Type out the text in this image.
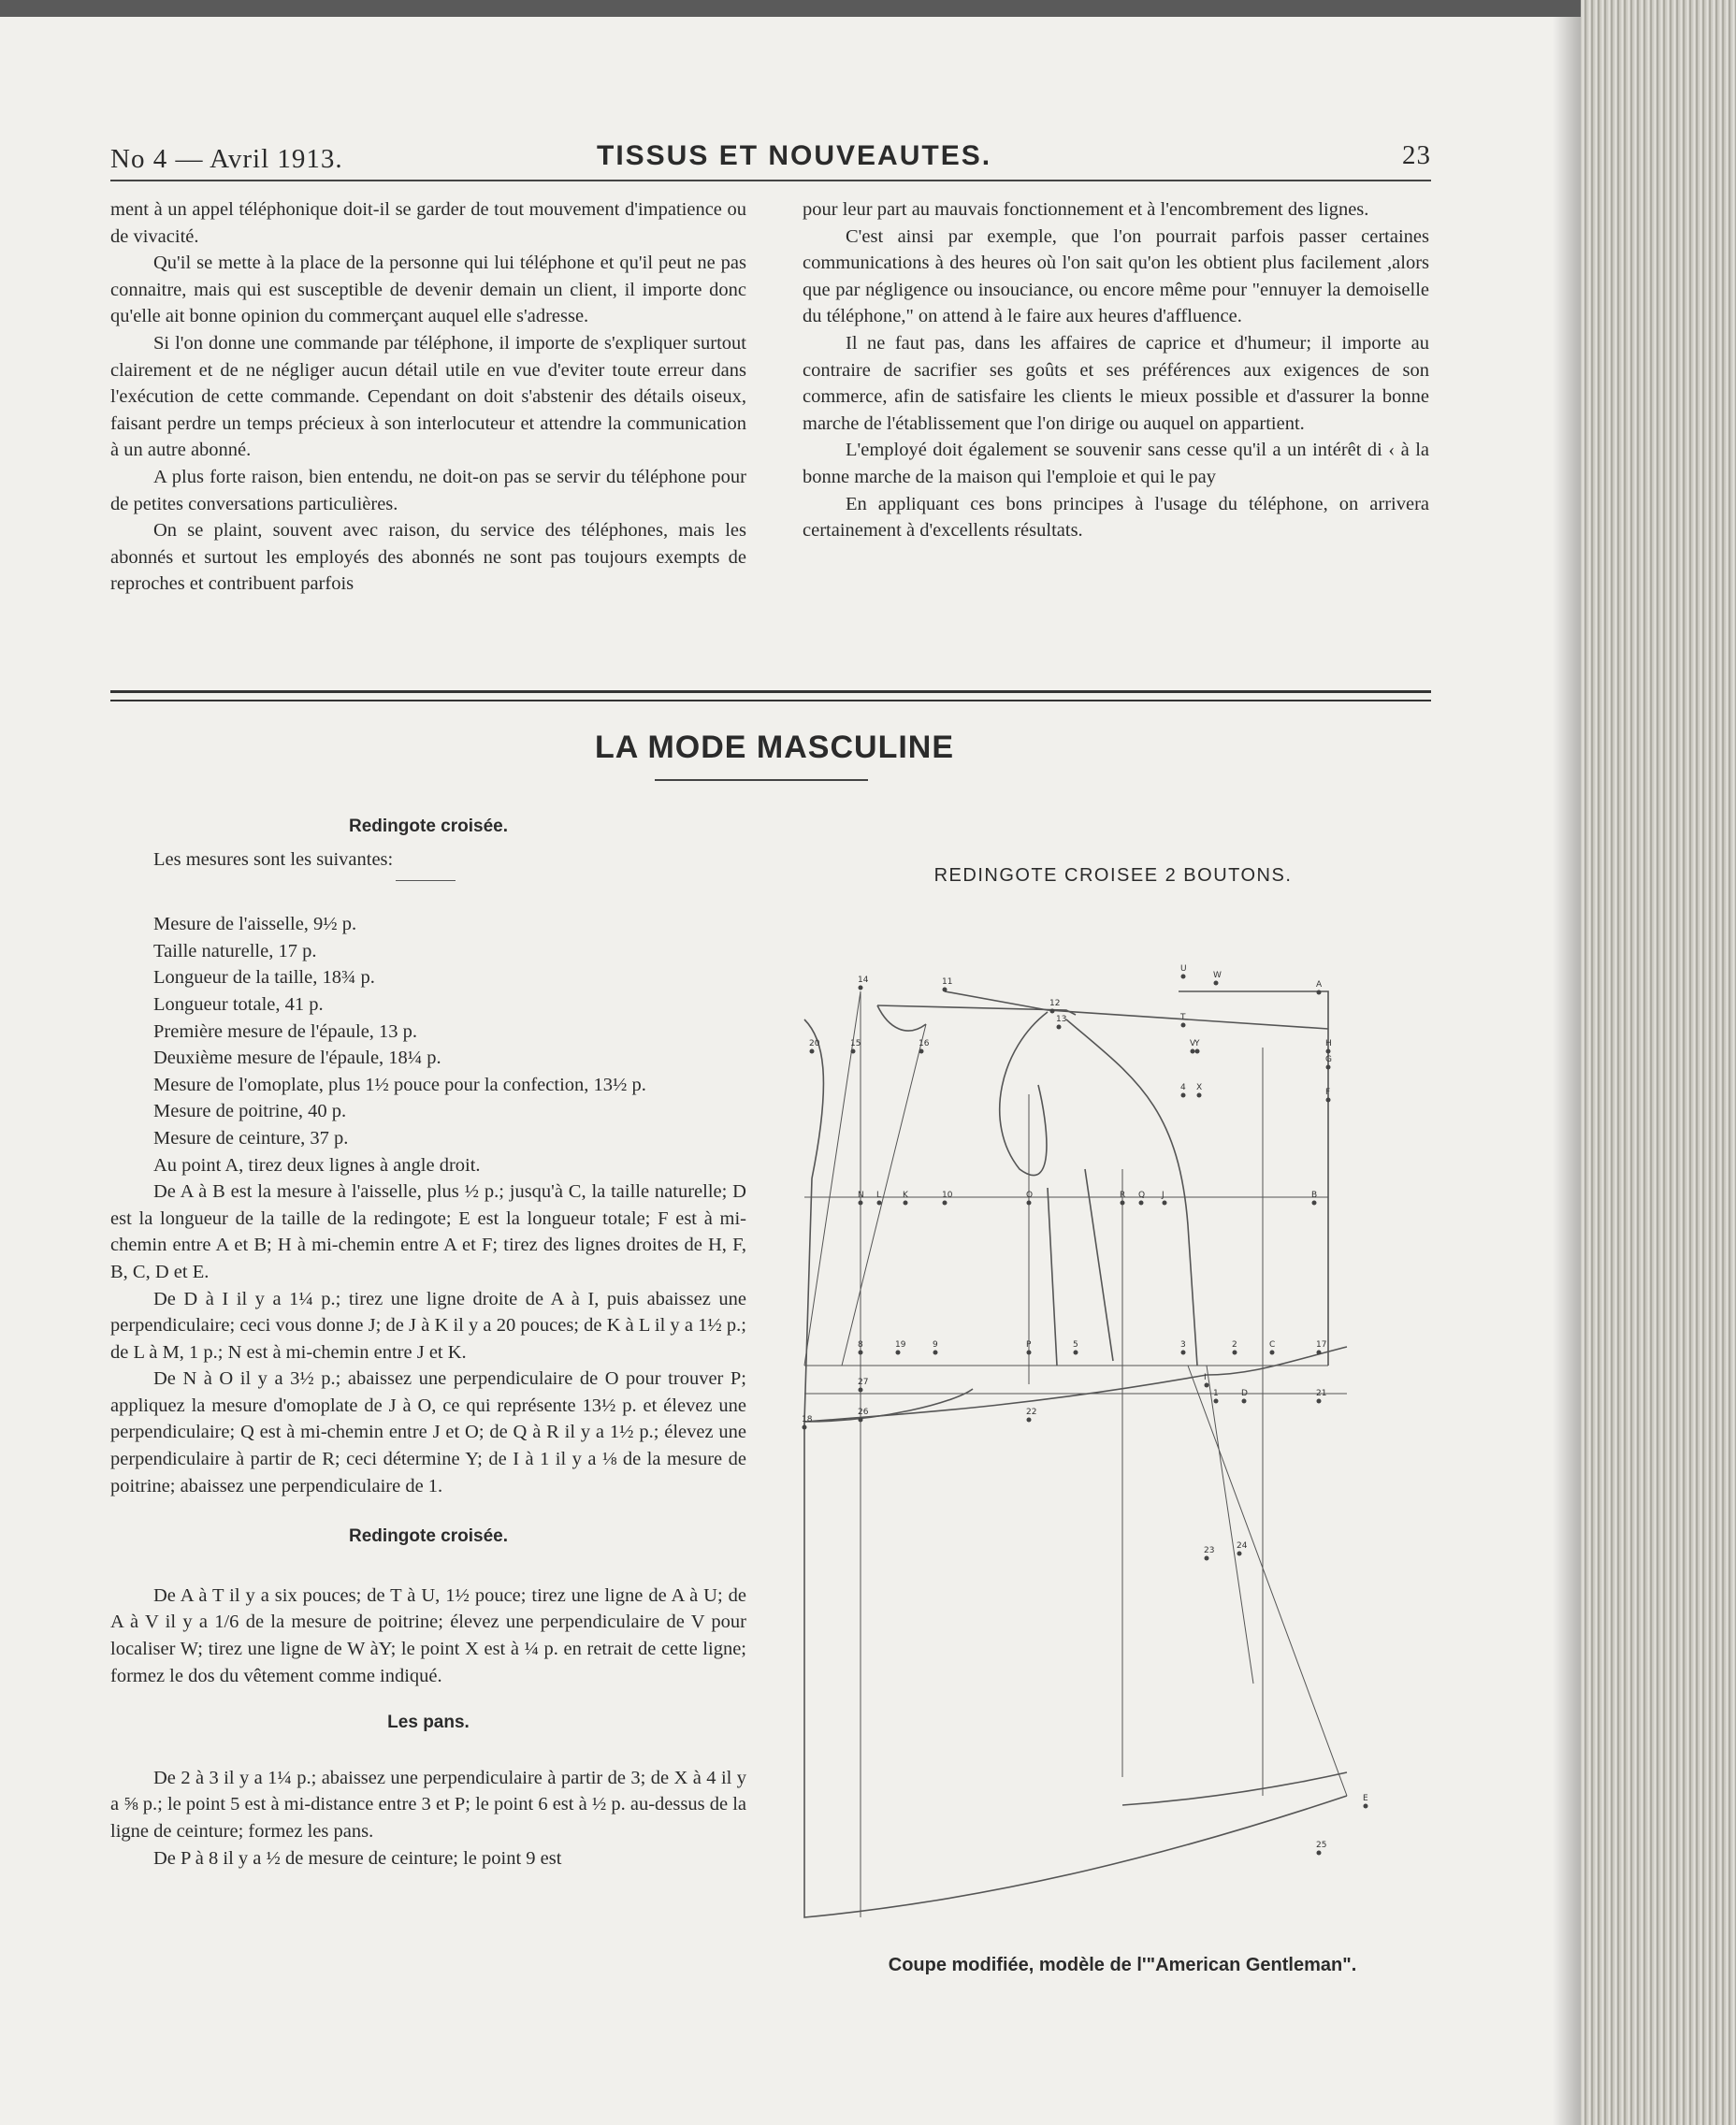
No 4 — Avril 1913.	TISSUS ET NOUVEAUTES.	23

ment à un appel téléphonique doit-il se garder de tout mouvement d'impatience ou de vivacité.

Qu'il se mette à la place de la personne qui lui téléphone et qu'il peut ne pas connaitre, mais qui est susceptible de devenir demain un client, il importe donc qu'elle ait bonne opinion du commerçant auquel elle s'adresse.

Si l'on donne une commande par téléphone, il importe de s'expliquer surtout clairement et de ne négliger aucun détail utile en vue d'eviter toute erreur dans l'exécution de cette commande. Cependant on doit s'abstenir des détails oiseux, faisant perdre un temps précieux à son interlocuteur et attendre la communication à un autre abonné.

A plus forte raison, bien entendu, ne doit-on pas se servir du téléphone pour de petites conversations particulières.

On se plaint, souvent avec raison, du service des téléphones, mais les abonnés et surtout les employés des abonnés ne sont pas toujours exempts de reproches et contribuent parfois

pour leur part au mauvais fonctionnement et à l'encombrement des lignes.

C'est ainsi par exemple, que l'on pourrait parfois passer certaines communications à des heures où l'on sait qu'on les obtient plus facilement ,alors que par négligence ou insouciance, ou encore même pour "ennuyer la demoiselle du téléphone," on attend à le faire aux heures d'affluence.

Il ne faut pas, dans les affaires de caprice et d'humeur; il importe au contraire de sacrifier ses goûts et ses préférences aux exigences de son commerce, afin de satisfaire les clients le mieux possible et d'assurer la bonne marche de l'établissement que l'on dirige ou auquel on appartient.

L'employé doit également se souvenir sans cesse qu'il a un intérêt di ‹ à la bonne marche de la maison qui l'emploie et qui le pay

En appliquant ces bons principes à l'usage du téléphone, on arrivera certainement à d'excellents résultats.

LA MODE MASCULINE
Redingote croisée.

Les mesures sont les suivantes:

Mesure de l'aisselle, 9½ p.

Taille naturelle, 17 p.

Longueur de la taille, 18¾ p.

Longueur totale, 41 p.

Première mesure de l'épaule, 13 p.

Deuxième mesure de l'épaule, 18¼ p.

Mesure de l'omoplate, plus 1½ pouce pour la confection, 13½ p.

Mesure de poitrine, 40 p.

Mesure de ceinture, 37 p.

Au point A, tirez deux lignes à angle droit.

De A à B est la mesure à l'aisselle, plus ½ p.; jusqu'à C, la taille naturelle; D est la longueur de la taille de la redingote; E est la longueur totale; F est à mi-chemin entre A et B; H à mi-chemin entre A et F; tirez des lignes droites de H, F, B, C, D et E.

De D à I il y a 1¼ p.; tirez une ligne droite de A à I, puis abaissez une perpendiculaire; ceci vous donne J; de J à K il y a 20 pouces; de K à L il y a 1½ p.; de L à M, 1 p.; N est à mi-chemin entre J et K.

De N à O il y a 3½ p.; abaissez une perpendiculaire de O pour trouver P; appliquez la mesure d'omoplate de J à O, ce qui représente 13½ p. et élevez une perpendiculaire; Q est à mi-chemin entre J et O; de Q à R il y a 1½ p.; élevez une perpendiculaire à partir de R; ceci détermine Y; de I à 1 il y a ⅛ de la mesure de poitrine; abaissez une perpendiculaire de 1.

Redingote croisée.

De A à T il y a six pouces; de T à U, 1½ pouce; tirez une ligne de A à U; de A à V il y a 1/6 de la mesure de poitrine; élevez une perpendiculaire de V pour localiser W; tirez une ligne de W àY; le point X est à ¼ p. en retrait de cette ligne; formez le dos du vêtement comme indiqué.

Les pans.

De 2 à 3 il y a 1¼ p.; abaissez une perpendiculaire à partir de 3; de X à 4 il y a ⅝ p.; le point 5 est à mi-distance entre 3 et P; le point 6 est à ½ p. au-dessus de la ligne de ceinture; formez les pans.

De P à 8 il y a ½ de mesure de ceinture; le point 9 est

REDINGOTE CROISEE 2 BOUTONS.
14	11
U
W
A
12
13	T
V
20	15	16	Y	H
G
F
4 X
N L	K	10	O	R Q J	B
8	19	9	P	5	3	2	C	17
27	I
1	D	21
18
26	22
23	24
E
25
Coupe modifiée, modèle de l'"American Gentleman".
